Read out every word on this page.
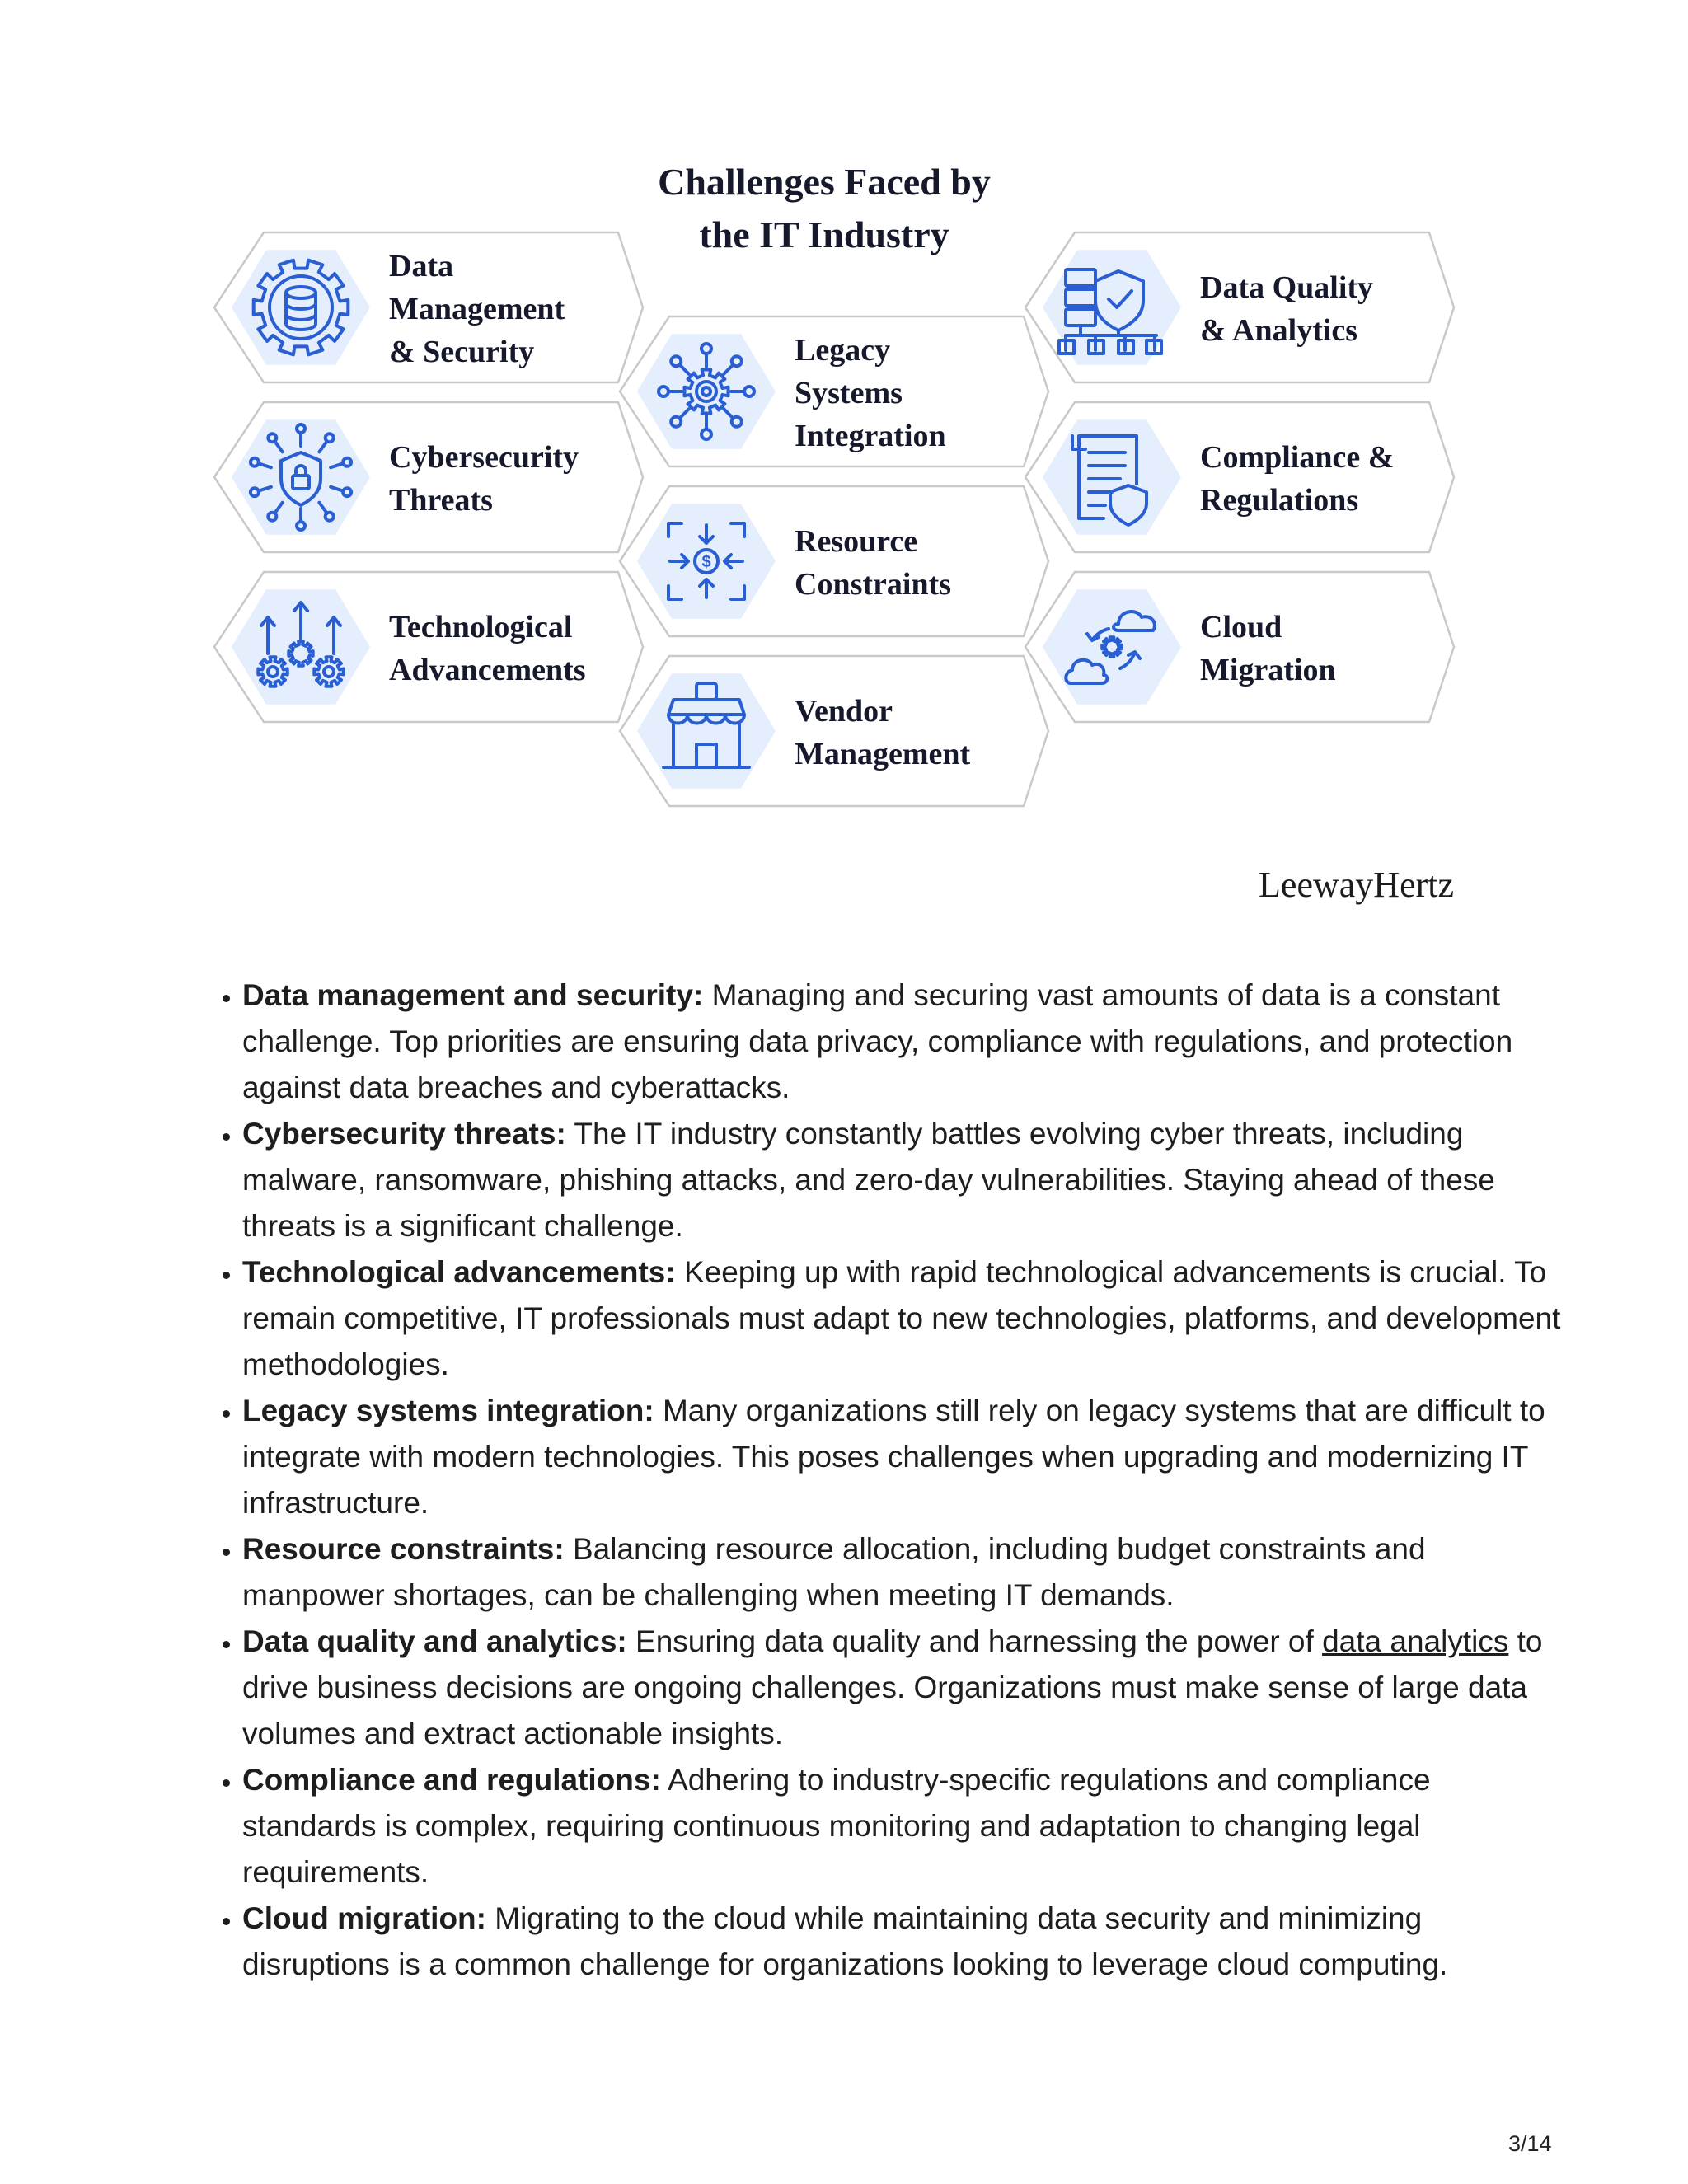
Challenges Faced by
the IT Industry
Data
Management
& Security
Cybersecurity
Threats
Technological
Advancements
Legacy
Systems
Integration
$
Resource
Constraints
Vendor
Management
Data Quality
& Analytics
Compliance &
Regulations
Cloud
Migration

LeewayHertz

• Data management and security: Managing and securing vast amounts of data is a constant challenge. Top priorities are ensuring data privacy, compliance with regulations, and protection against data breaches and cyberattacks.
• Cybersecurity threats: The IT industry constantly battles evolving cyber threats, including malware, ransomware, phishing attacks, and zero-day vulnerabilities. Staying ahead of these threats is a significant challenge.
• Technological advancements: Keeping up with rapid technological advancements is crucial. To remain competitive, IT professionals must adapt to new technologies, platforms, and development methodologies.
• Legacy systems integration: Many organizations still rely on legacy systems that are difficult to integrate with modern technologies. This poses challenges when upgrading and modernizing IT infrastructure.
• Resource constraints: Balancing resource allocation, including budget constraints and manpower shortages, can be challenging when meeting IT demands.
• Data quality and analytics: Ensuring data quality and harnessing the power of data analytics to drive business decisions are ongoing challenges. Organizations must make sense of large data volumes and extract actionable insights.
• Compliance and regulations: Adhering to industry-specific regulations and compliance standards is complex, requiring continuous monitoring and adaptation to changing legal requirements.
• Cloud migration: Migrating to the cloud while maintaining data security and minimizing disruptions is a common challenge for organizations looking to leverage cloud computing.
3/14
